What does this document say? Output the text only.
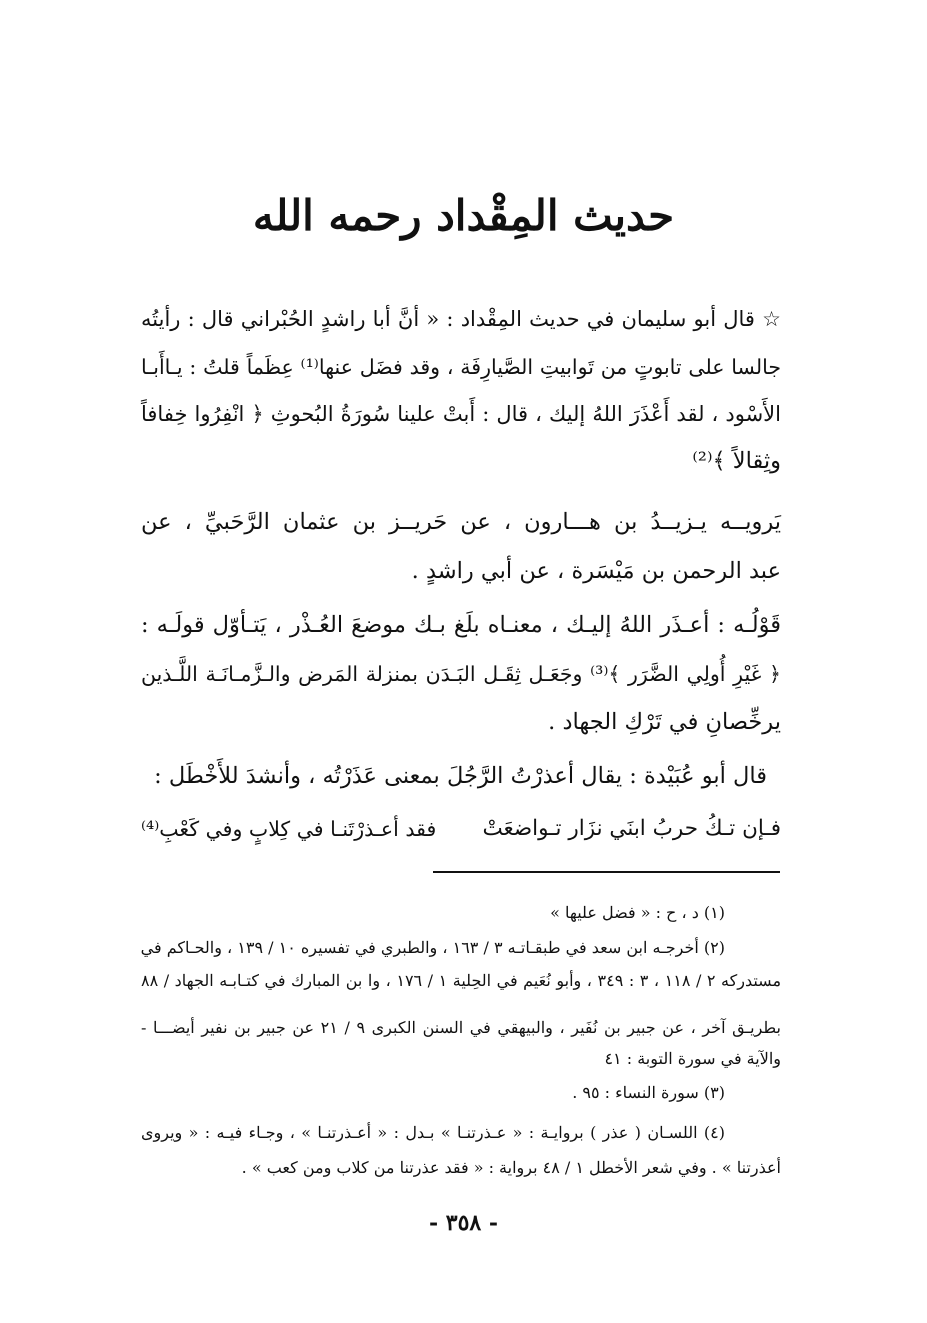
حديث المِقْداد رحمه الله
☆ قال أبو سليمان في حديث المِقْداد : « أنَّ أبا راشدٍ الحُبْراني قال : رأيتُه
جالسا على تابوتٍ من تَوابيتِ الصَّيارِفَة ، وقد فضَل عنها⁽¹⁾ عِظَماً قلتُ : يـاأَبـا
الأَسْود ، لقد أَعْذَرَ اللهُ إليك ، قال : أَبتْ علينا سُورَةُ البُحوثِ ﴿ انْفِرُوا خِفافاً
وثِقالاً ﴾⁽²⁾
يَرويــه يـزيــدُ بن هـــارون ، عن حَريــز بن عثمان الرَّحَبيِّ ، عن
عبد الرحمن بن مَيْسَرة ، عن أبي راشدٍ .
قَوْلُـه : أعـذَر اللهُ إليـك ، معنـاه بلَغ بـك موضعَ العُـذْر ، يَتـأوّل قولَـه :
﴿ غَيْرِ أُولِي الضَّرَر ﴾⁽³⁾ وجَعَـل ثِقَـل البَـدَن بمنزلة المَرض والـزَّمـانَـة اللَّـذين
يرخِّصانِ في تَرْكِ الجهاد .
قال أبو عُبَيْدة : يقال أعذرْتُ الرَّجُلَ بمعنى عَذَرْتُه ، وأنشدَ للأَخْطَل :
فـإن تـكُ حربُ ابنَي نزَار تـواضعَتْ
فقد أعـذرْتَنـا في كِلابٍ وفي كَعْبِ⁽⁴⁾
(١) د ، ح : « فضل عليها »
(٢) أخرجـه ابن سعد في طبقـاتـه ٣ / ١٦٣ ، والطبري في تفسيره ١٠ / ١٣٩ ، والحـاكم في
مستدركه ٢ / ١١٨ ، ٣ : ٣٤٩ ، وأبو نُعَيم في الحِلية ١ / ١٧٦ ، وا بن المبارك في كتـابـه الجهاد / ٨٨
بطريـق آخر ، عن جبير بن نُفَير ، والبيهقي في السنن الكبرى ٩ / ٢١ عن جبير بن نفير أيضـــا -
والآية في سورة التوبة : ٤١
(٣) سورة النساء : ٩٥ .
(٤) اللسـان ( عذر ) بروايـة : « عـذرتنـا » بـدل : « أعـذرتنـا » ، وجـاء فيـه : « ويروى
أعذرتنا » . وفي شعر الأخطل ١ / ٤٨ برواية : « فقد عذرتنا من كلاب ومن كعب » .
- ٣٥٨ -
